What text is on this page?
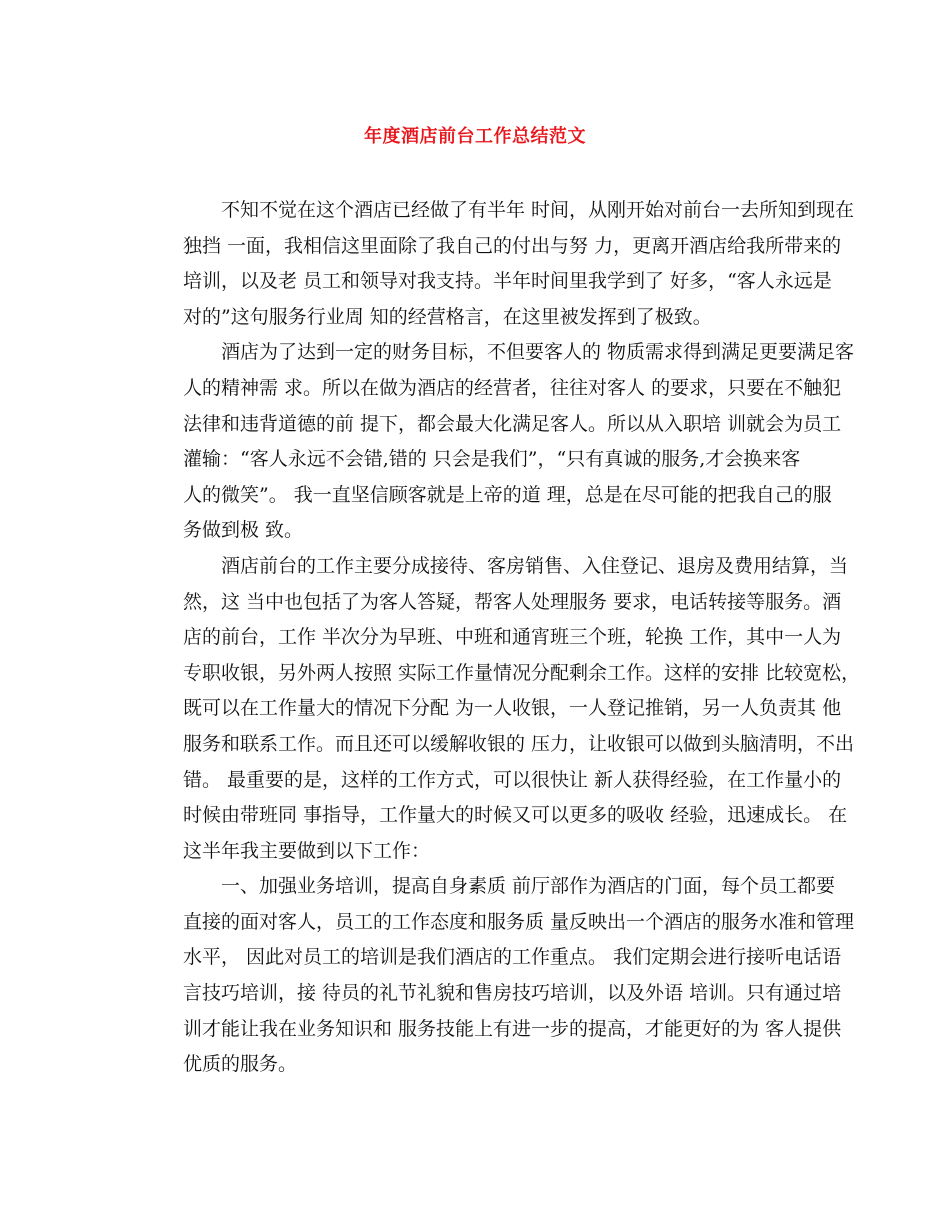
年度酒店前台工作总结范文
不知不觉在这个酒店已经做了有半年 时间，从刚开始对前台一去所知到现在
独挡 一面，我相信这里面除了我自己的付出与努 力，更离开酒店给我所带来的
培训，以及老 员工和领导对我支持。半年时间里我学到了 好多，“客人永远是
对的”这句服务行业周 知的经营格言，在这里被发挥到了极致。
酒店为了达到一定的财务目标，不但要客人的 物质需求得到满足更要满足客
人的精神需 求。所以在做为酒店的经营者，往往对客人 的要求，只要在不触犯
法律和违背道德的前 提下，都会最大化满足客人。所以从入职培 训就会为员工
灌输：“客人永远不会错,错的 只会是我们”，“只有真诚的服务,才会换来客
人的微笑”。 我一直坚信顾客就是上帝的道 理，总是在尽可能的把我自己的服
务做到极 致。
酒店前台的工作主要分成接待、客房销售、入住登记、退房及费用结算，当
然，这 当中也包括了为客人答疑，帮客人处理服务 要求，电话转接等服务。酒
店的前台，工作 半次分为早班、中班和通宵班三个班，轮换 工作，其中一人为
专职收银，另外两人按照 实际工作量情况分配剩余工作。这样的安排 比较宽松，
既可以在工作量大的情况下分配 为一人收银，一人登记推销，另一人负责其 他
服务和联系工作。而且还可以缓解收银的 压力，让收银可以做到头脑清明，不出
错。 最重要的是，这样的工作方式，可以很快让 新人获得经验，在工作量小的
时候由带班同 事指导，工作量大的时候又可以更多的吸收 经验，迅速成长。 在
这半年我主要做到以下工作：
一、加强业务培训，提高自身素质 前厅部作为酒店的门面，每个员工都要
直接的面对客人，员工的工作态度和服务质 量反映出一个酒店的服务水准和管理
水平， 因此对员工的培训是我们酒店的工作重点。 我们定期会进行接听电话语
言技巧培训，接 待员的礼节礼貌和售房技巧培训，以及外语 培训。只有通过培
训才能让我在业务知识和 服务技能上有进一步的提高，才能更好的为 客人提供
优质的服务。
